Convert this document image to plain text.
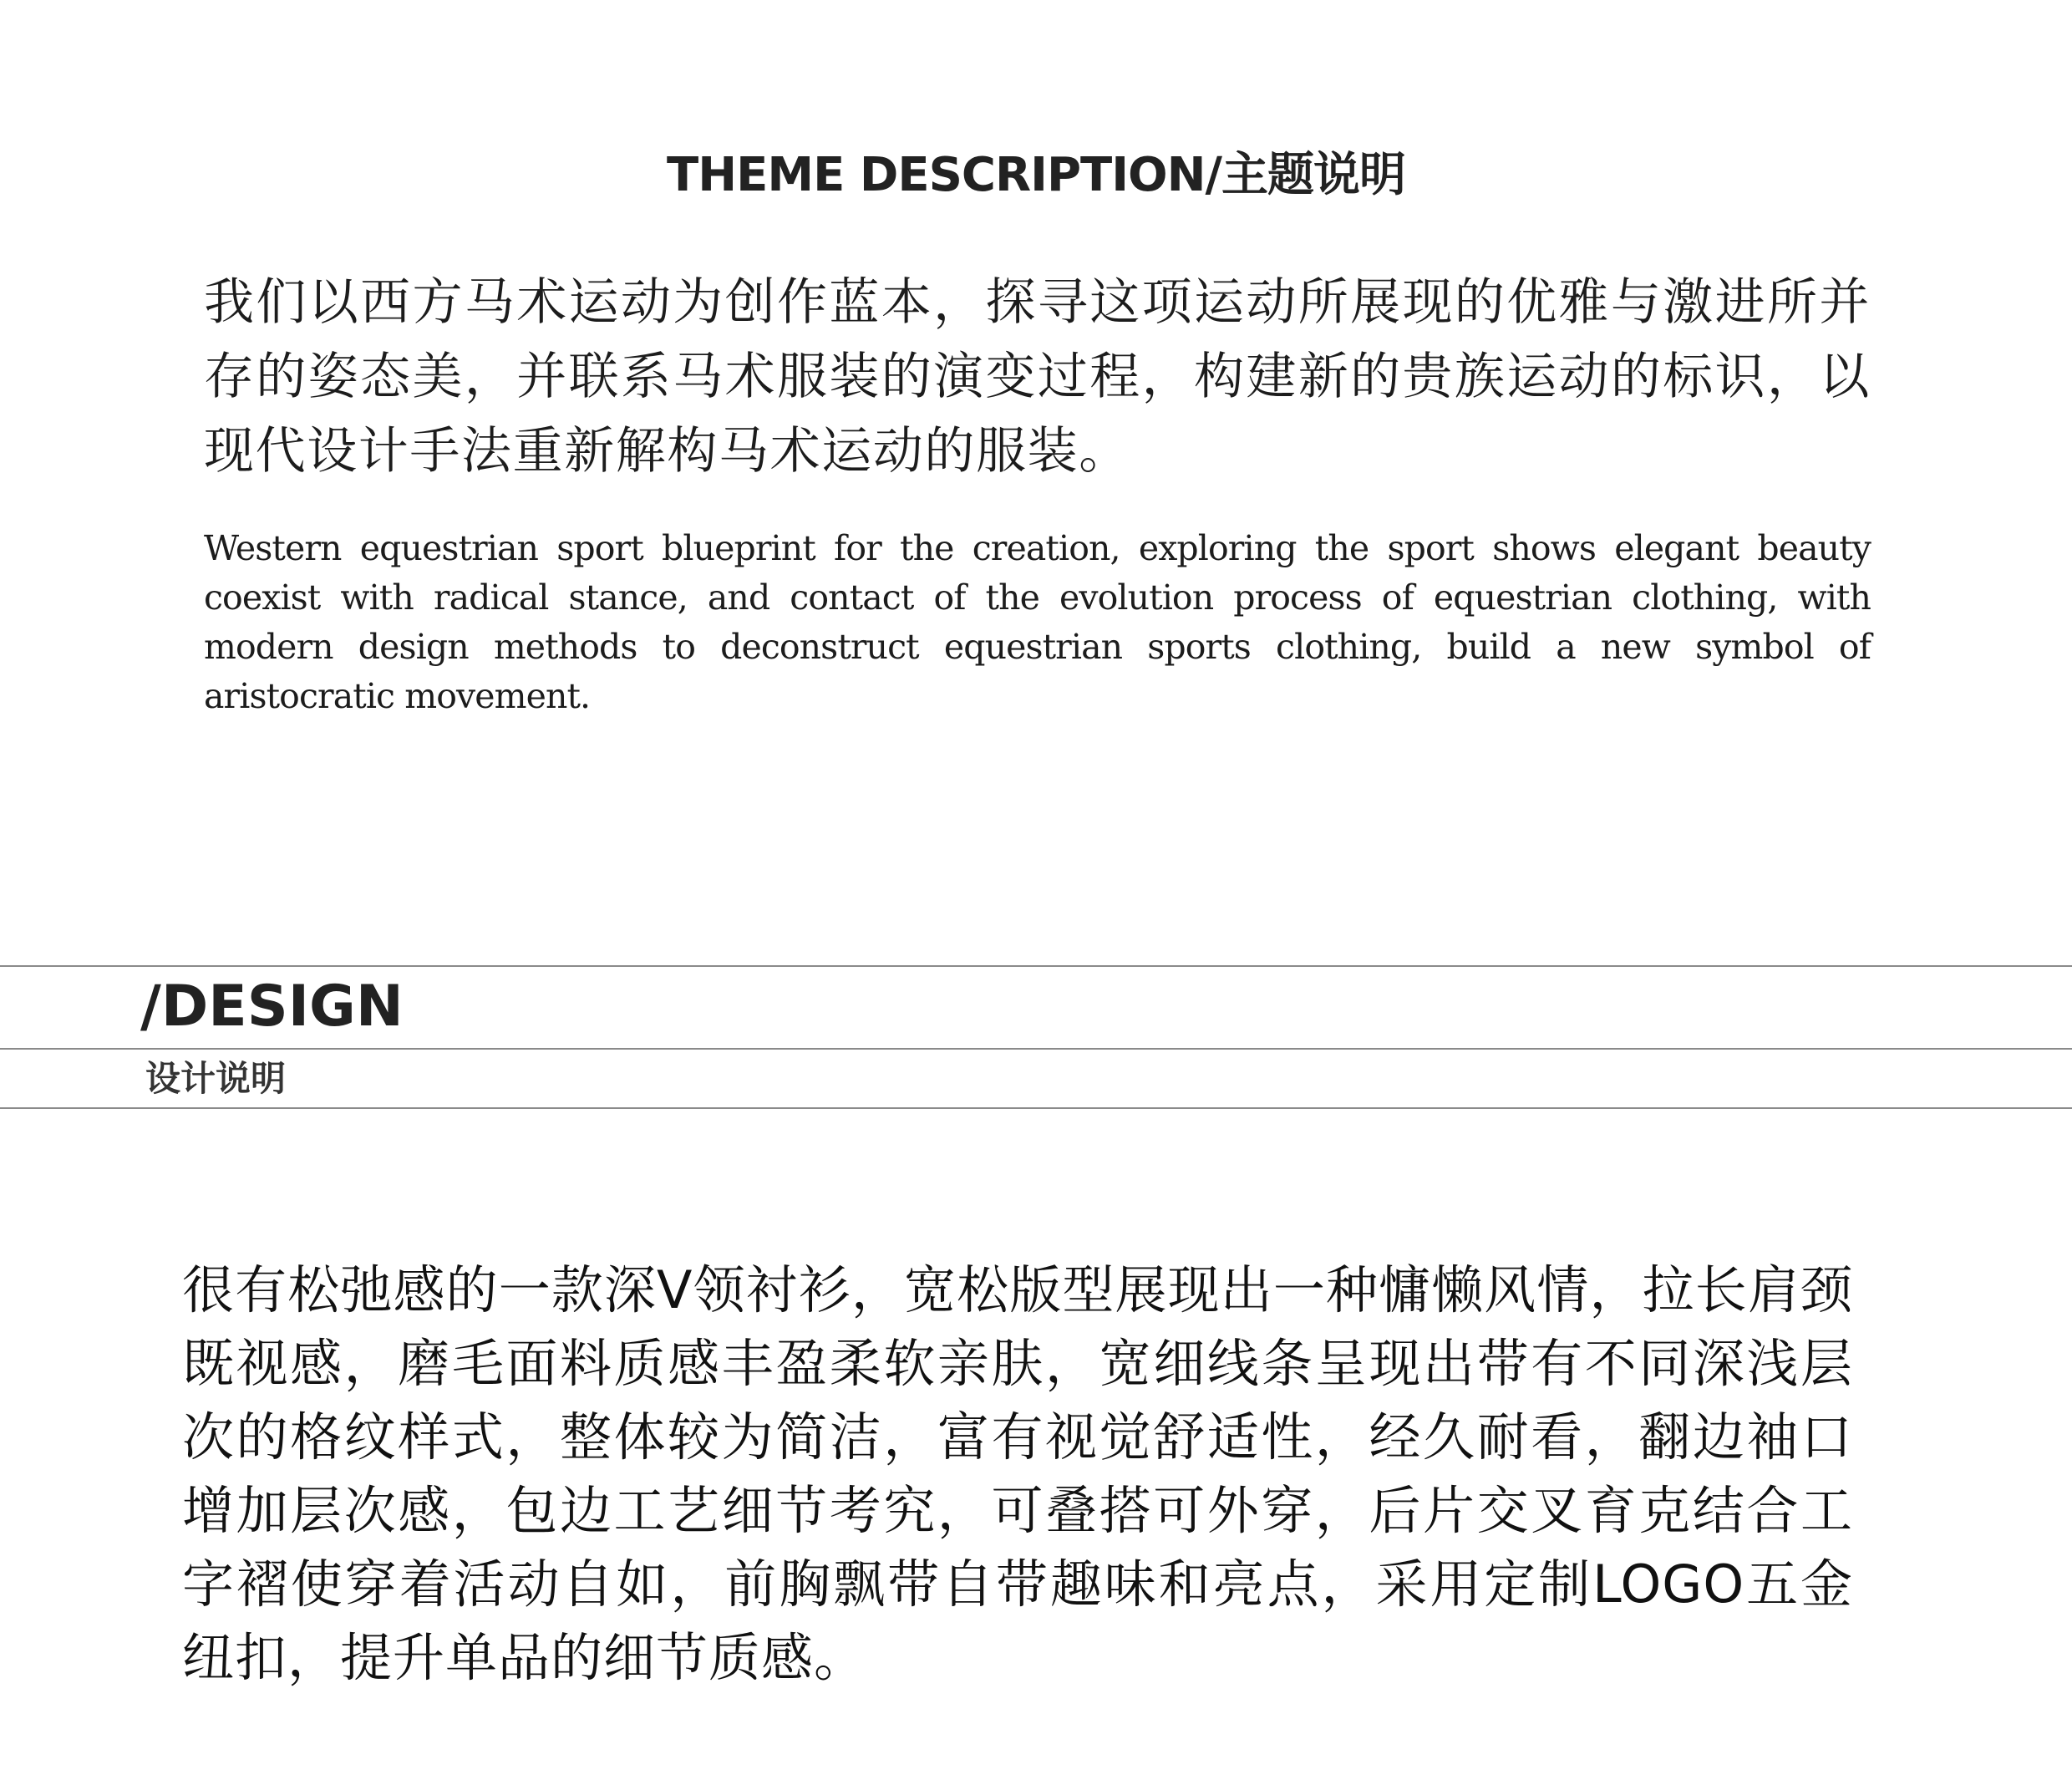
THEME DESCRIPTION/主题说明

我们以西方马术运动为创作蓝本，探寻这项运动所展现的优雅与激进所并存的姿态美，并联系马术服装的演变过程，构建新的贵族运动的标识，以现代设计手法重新解构马术运动的服装。

Western equestrian sport blueprint for the creation, exploring the sport shows elegant beauty coexist with radical stance, and contact of the evolution process of equestrian clothing, with modern design methods to deconstruct equestrian sports clothing, build a new symbol of aristocratic movement.

/DESIGN
设计说明

很有松弛感的一款深V领衬衫，宽松版型展现出一种慵懒风情，拉长肩颈既视感，磨毛面料质感丰盈柔软亲肤，宽细线条呈现出带有不同深浅层次的格纹样式，整体较为简洁，富有视觉舒适性，经久耐看，翻边袖口增加层次感，包边工艺细节考究，可叠搭可外穿，后片交叉育克结合工字褶使穿着活动自如，前胸飘带自带趣味和亮点，采用定制LOGO五金纽扣，提升单品的细节质感。
